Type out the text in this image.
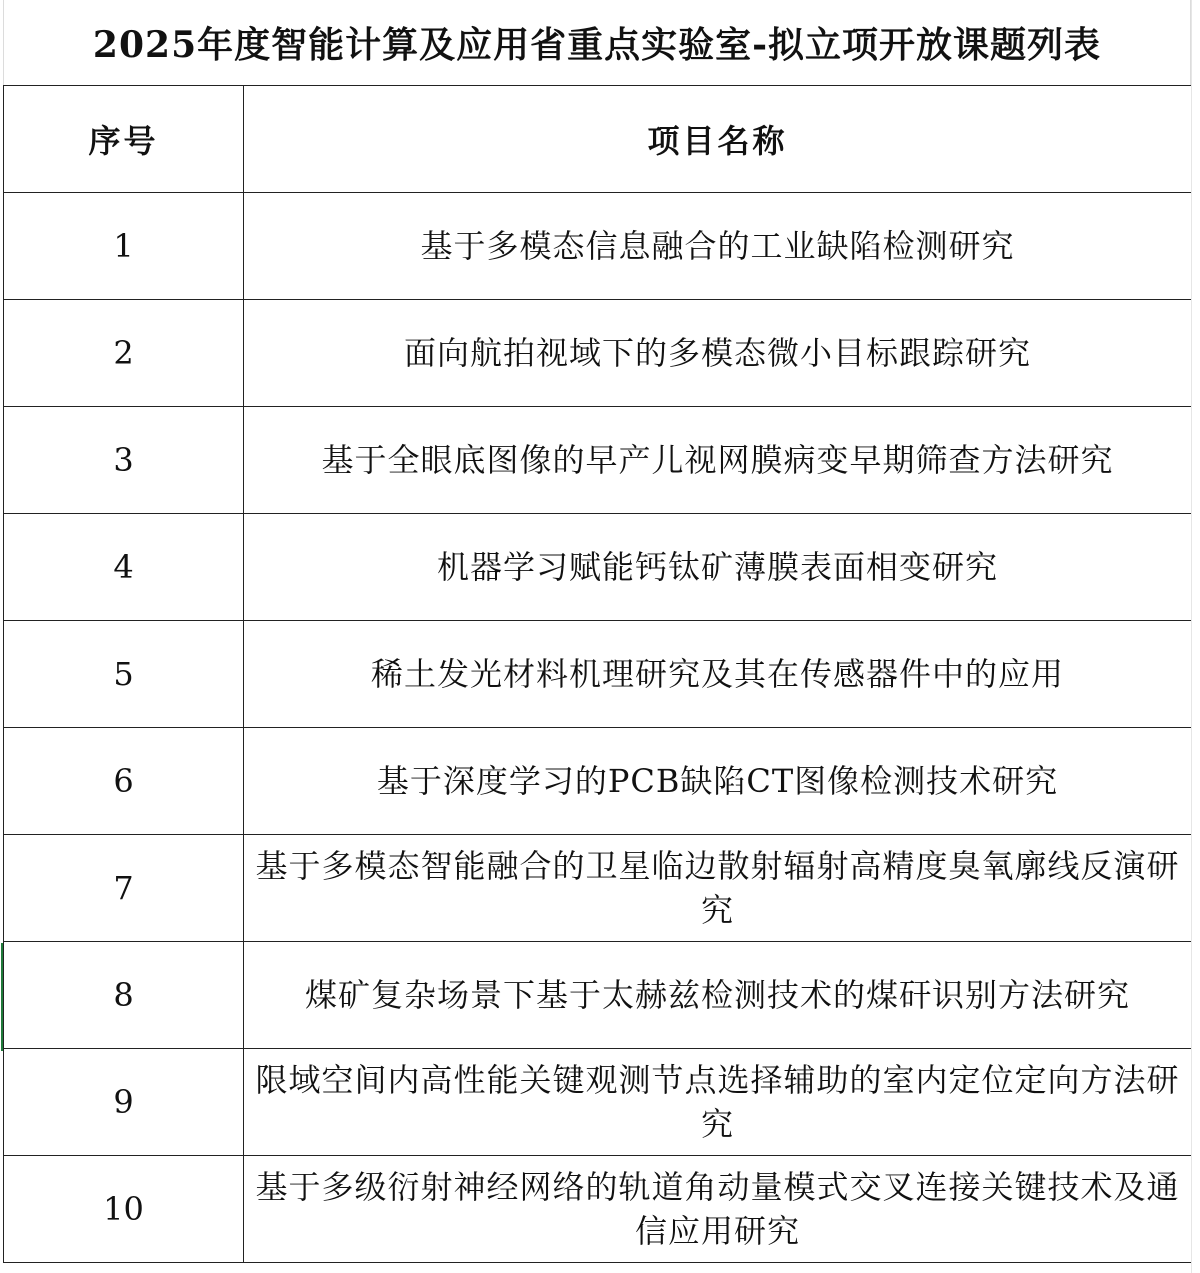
2025年度智能计算及应用省重点实验室-拟立项开放课题列表
序号	项目名称
1	基于多模态信息融合的工业缺陷检测研究
2	面向航拍视域下的多模态微小目标跟踪研究
3	基于全眼底图像的早产儿视网膜病变早期筛查方法研究
4	机器学习赋能钙钛矿薄膜表面相变研究
5	稀土发光材料机理研究及其在传感器件中的应用
6	基于深度学习的PCB缺陷CT图像检测技术研究
7	基于多模态智能融合的卫星临边散射辐射高精度臭氧廓线反演研究
8	煤矿复杂场景下基于太赫兹检测技术的煤矸识别方法研究
9	限域空间内高性能关键观测节点选择辅助的室内定位定向方法研究
10	基于多级衍射神经网络的轨道角动量模式交叉连接关键技术及通信应用研究
